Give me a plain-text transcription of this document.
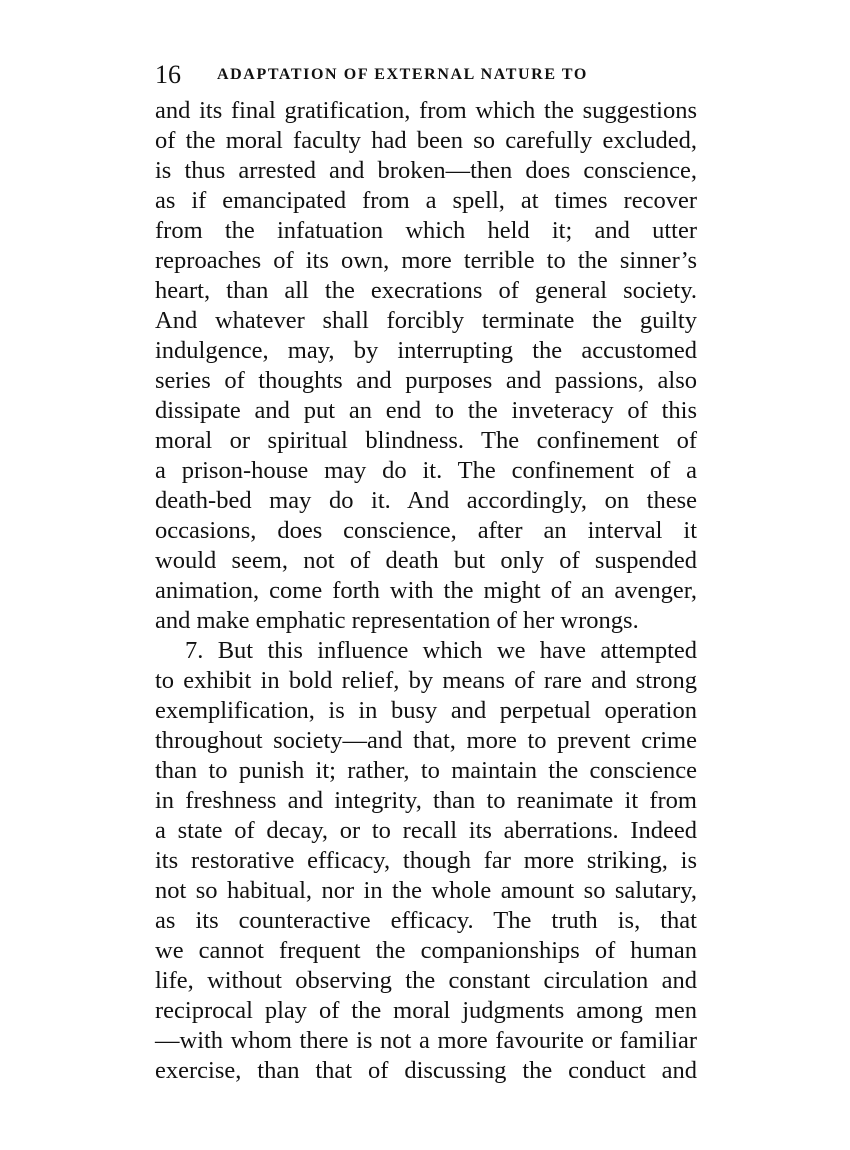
16 ADAPTATION OF EXTERNAL NATURE TO
and its final gratification, from which the suggestions
of the moral faculty had been so carefully excluded,
is thus arrested and broken—then does conscience,
as if emancipated from a spell, at times recover
from the infatuation which held it; and utter
reproaches of its own, more terrible to the sinner’s
heart, than all the execrations of general society.
And whatever shall forcibly terminate the guilty
indulgence, may, by interrupting the accustomed
series of thoughts and purposes and passions, also
dissipate and put an end to the inveteracy of this
moral or spiritual blindness. The confinement of
a prison-house may do it. The confinement of a
death-bed may do it. And accordingly, on these
occasions, does conscience, after an interval it
would seem, not of death but only of suspended
animation, come forth with the might of an avenger,
and make emphatic representation of her wrongs.
7. But this influence which we have attempted
to exhibit in bold relief, by means of rare and strong
exemplification, is in busy and perpetual operation
throughout society—and that, more to prevent crime
than to punish it; rather, to maintain the conscience
in freshness and integrity, than to reanimate it from
a state of decay, or to recall its aberrations. Indeed
its restorative efficacy, though far more striking, is
not so habitual, nor in the whole amount so salutary,
as its counteractive efficacy. The truth is, that
we cannot frequent the companionships of human
life, without observing the constant circulation and
reciprocal play of the moral judgments among men
—with whom there is not a more favourite or familiar
exercise, than that of discussing the conduct and
